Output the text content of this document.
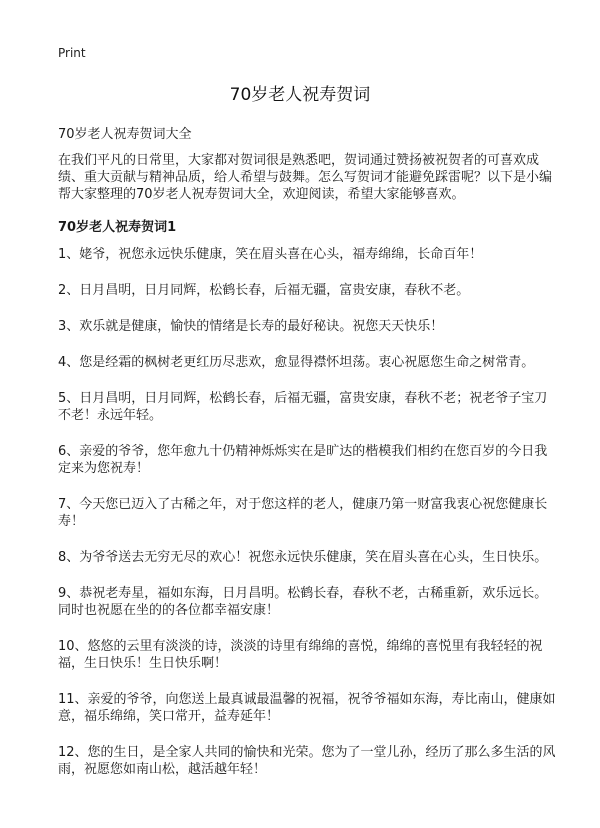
Print
70岁老人祝寿贺词
70岁老人祝寿贺词大全
在我们平凡的日常里，大家都对贺词很是熟悉吧，贺词通过赞扬被祝贺者的可喜欢成绩、重大贡献与精神品质，给人希望与鼓舞。怎么写贺词才能避免踩雷呢？以下是小编帮大家整理的70岁老人祝寿贺词大全，欢迎阅读，希望大家能够喜欢。
70岁老人祝寿贺词1
1、姥爷，祝您永远快乐健康，笑在眉头喜在心头，福寿绵绵，长命百年！
2、日月昌明，日月同辉，松鹤长春，后福无疆，富贵安康，春秋不老。
3、欢乐就是健康，愉快的情绪是长寿的最好秘诀。祝您天天快乐！
4、您是经霜的枫树老更红历尽悲欢，愈显得襟怀坦荡。衷心祝愿您生命之树常青。
5、日月昌明，日月同辉，松鹤长春，后福无疆，富贵安康，春秋不老；祝老爷子宝刀不老！永远年轻。
6、亲爱的爷爷，您年愈九十仍精神烁烁实在是旷达的楷模我们相约在您百岁的今日我定来为您祝寿！
7、今天您已迈入了古稀之年，对于您这样的老人，健康乃第一财富我衷心祝您健康长寿！
8、为爷爷送去无穷无尽的欢心！祝您永远快乐健康，笑在眉头喜在心头，生日快乐。
9、恭祝老寿星，福如东海，日月昌明。松鹤长春，春秋不老，古稀重新，欢乐远长。同时也祝愿在坐的的各位都幸福安康！
10、悠悠的云里有淡淡的诗，淡淡的诗里有绵绵的喜悦，绵绵的喜悦里有我轻轻的祝福，生日快乐！生日快乐啊！
11、亲爱的爷爷，向您送上最真诚最温馨的祝福，祝爷爷福如东海，寿比南山，健康如意，福乐绵绵，笑口常开，益寿延年！
12、您的生日，是全家人共同的愉快和光荣。您为了一堂儿孙，经历了那么多生活的风雨，祝愿您如南山松，越活越年轻！
